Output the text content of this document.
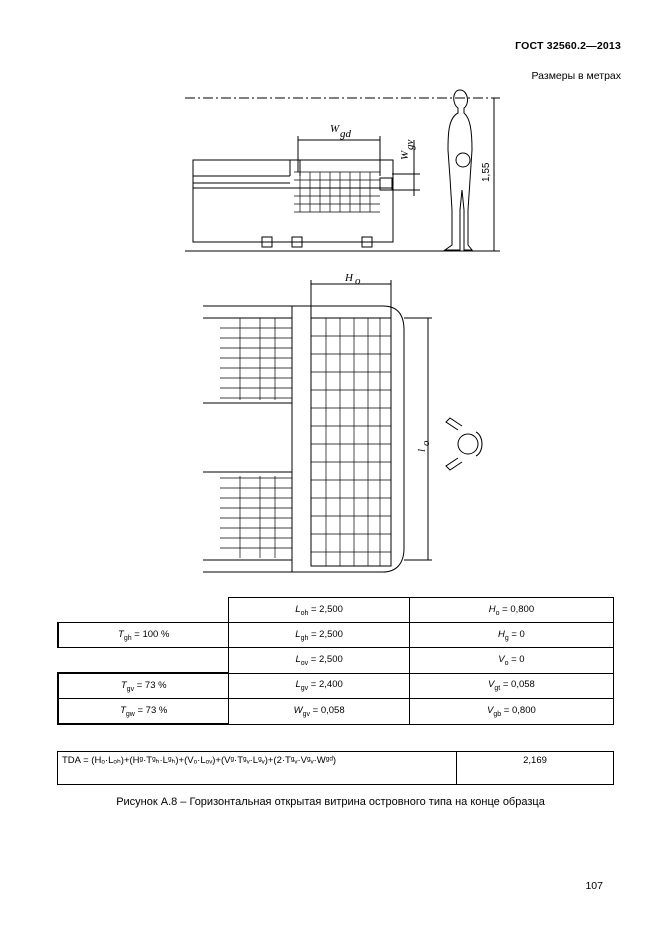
ГОСТ 32560.2—2013
Размеры в метрах
W gd
W
gv
1,55
H o
l
o
	$L_{oh} = 2,500$	$H_o = 0,800$
$T_{gh} = 100$ %	$L_{gh} = 2,500$	$H_g = 0$
	$L_{ov} = 2,500$	$V_o = 0$
$T_{gv} = 73$ %	$L_{gv} = 2,400$	$V_{gt} = 0,058$
$T_{gw} = 73$ %	$W_{gv} = 0,058$	$V_{gb} = 0,800$
TDA = (Hₒ·Lₒₕ)+(Hᵍ·Tᵍₕ·Lᵍₕ)+(Vₒ·Lₒᵥ)+(Vᵍ·Tᵍᵥ·Lᵍᵥ)+(2·Tᵍᵥ·Vᵍᵥ·Wᵍᵈ)	2,169
Рисунок А.8 – Горизонтальная открытая витрина островного типа на конце образца
107
